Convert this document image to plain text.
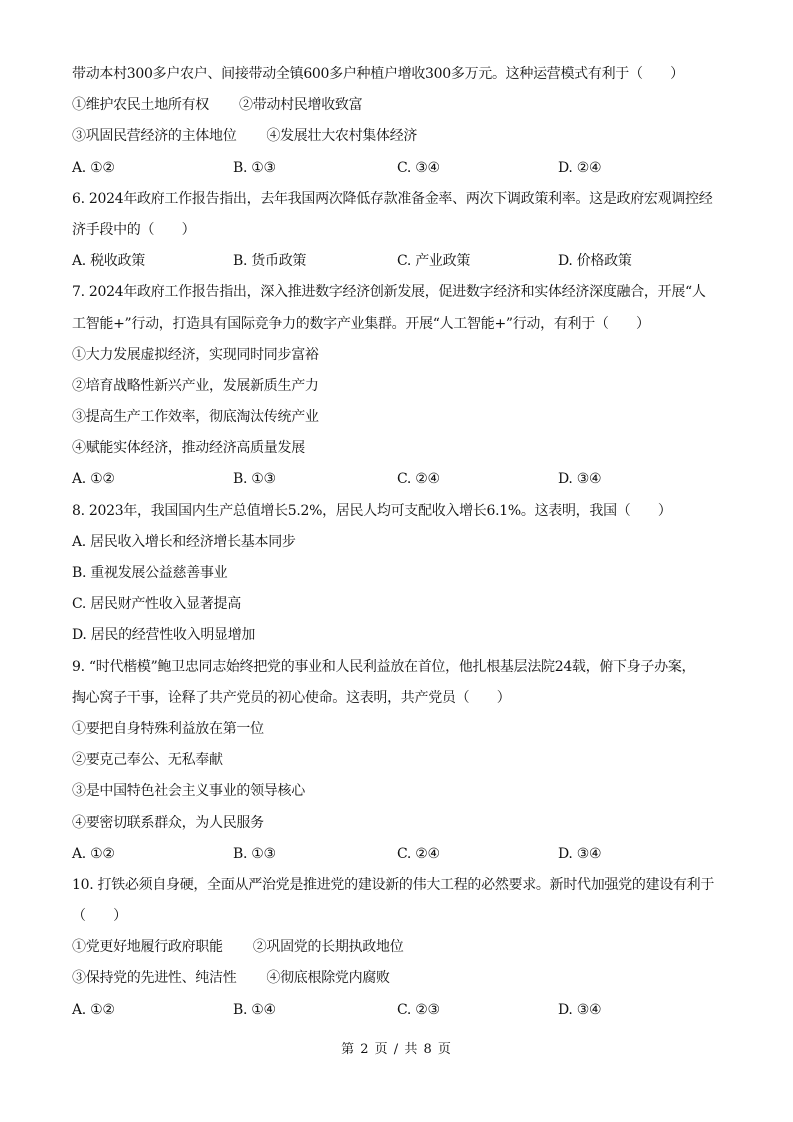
带动本村300多户农户、间接带动全镇600多户种植户增收300多万元。这种运营模式有利于（　　）
①维护农民土地所有权 ②带动村民增收致富
③巩固民营经济的主体地位 ④发展壮大农村集体经济
A. ①②	B. ①③	C. ③④	D. ②④
6. 2024年政府工作报告指出，去年我国两次降低存款准备金率、两次下调政策利率。这是政府宏观调控经
济手段中的（　　）
A. 税收政策	B. 货币政策	C. 产业政策	D. 价格政策
7. 2024年政府工作报告指出，深入推进数字经济创新发展，促进数字经济和实体经济深度融合，开展“人
工智能+”行动，打造具有国际竞争力的数字产业集群。开展“人工智能+”行动，有利于（　　）
①大力发展虚拟经济，实现同时同步富裕
②培育战略性新兴产业，发展新质生产力
③提高生产工作效率，彻底淘汰传统产业
④赋能实体经济，推动经济高质量发展
A. ①②	B. ①③	C. ②④	D. ③④
8. 2023年，我国国内生产总值增长5.2%，居民人均可支配收入增长6.1%。这表明，我国（　　）
A. 居民收入增长和经济增长基本同步
B. 重视发展公益慈善事业
C. 居民财产性收入显著提高
D. 居民的经营性收入明显增加
9. “时代楷模”鲍卫忠同志始终把党的事业和人民利益放在首位，他扎根基层法院24载，俯下身子办案，
掏心窝子干事，诠释了共产党员的初心使命。这表明，共产党员（　　）
①要把自身特殊利益放在第一位
②要克己奉公、无私奉献
③是中国特色社会主义事业的领导核心
④要密切联系群众，为人民服务
A. ①②	B. ①③	C. ②④	D. ③④
10. 打铁必须自身硬，全面从严治党是推进党的建设新的伟大工程的必然要求。新时代加强党的建设有利于
（　　）
①党更好地履行政府职能 ②巩固党的长期执政地位
③保持党的先进性、纯洁性 ④彻底根除党内腐败
A. ①②	B. ①④	C. ②③	D. ③④
第 2 页 / 共 8 页
